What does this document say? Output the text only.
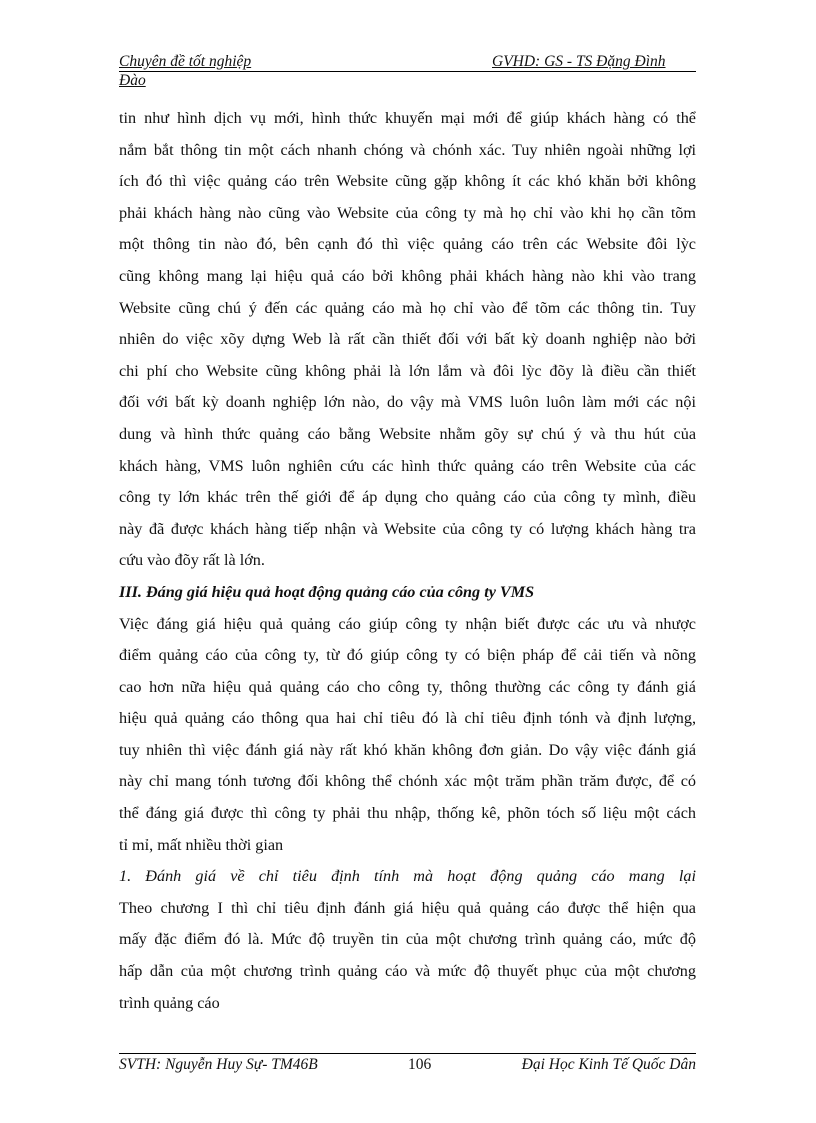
Chuyên đề tốt nghiệp	GVHD: GS - TS Đặng Đình
Đào
tin như hình dịch vụ mới, hình thức khuyến mại mới để giúp khách hàng có thể
nắm bắt thông tin một cách nhanh chóng và chónh xác. Tuy nhiên ngoài những lợi
ích đó thì việc quảng cáo trên Website cũng gặp không ít các khó khăn bởi không
phải khách hàng nào cũng vào Website của công ty mà họ chỉ vào khi họ cần tõm
một thông tin nào đó, bên cạnh đó thì việc quảng cáo trên các Website đôi lỳc
cũng không mang lại hiệu quả cáo bởi không phải khách hàng nào khi vào trang
Website cũng chú ý đến các quảng cáo mà họ chỉ vào để tõm các thông tin. Tuy
nhiên do việc xõy dựng Web là rất cần thiết đối với bất kỳ doanh nghiệp nào bởi
chi phí cho Website cũng không phải là lớn lắm và đôi lỳc đõy là điều cần thiết
đối với bất kỳ doanh nghiệp lớn nào, do vậy mà VMS luôn luôn làm mới các nội
dung và hình thức quảng cáo bằng Website nhằm gõy sự chú ý và thu hút của
khách hàng, VMS luôn nghiên cứu các hình thức quảng cáo trên Website của các
công ty lớn khác trên thế giới để áp dụng cho quảng cáo của công ty mình, điều
này đã được khách hàng tiếp nhận và Website của công ty có lượng khách hàng tra
cứu vào đõy rất là lớn.
III. Đáng giá hiệu quả hoạt động quảng cáo của công ty VMS
Việc đáng giá hiệu quả quảng cáo giúp công ty nhận biết được các ưu và nhược
điểm quảng cáo của công ty, từ đó giúp công ty có biện pháp để cải tiến và nõng
cao hơn nữa hiệu quả quảng cáo cho công ty, thông thường các công ty đánh giá
hiệu quả quảng cáo thông qua hai chỉ tiêu đó là chỉ tiêu định tónh và định lượng,
tuy nhiên thì việc đánh giá này rất khó khăn không đơn giản. Do vậy việc đánh giá
này chỉ mang tónh tương đối không thể chónh xác một trăm phần trăm được, để có
thể đáng giá được thì công ty phải thu nhập, thống kê, phõn tóch số liệu một cách
tỉ mỉ, mất nhiều thời gian
1. Đánh giá về chỉ tiêu định tính mà hoạt động quảng cáo mang lại
Theo chương I thì chỉ tiêu định đánh giá hiệu quả quảng cáo được thể hiện qua
mấy đặc điểm đó là. Mức độ truyền tin của một chương trình quảng cáo, mức độ
hấp dẫn của một chương trình quảng cáo và mức độ thuyết phục của một chương
trình quảng cáo
SVTH: Nguyễn Huy Sự- TM46B	106	Đại Học Kinh Tế Quốc Dân
